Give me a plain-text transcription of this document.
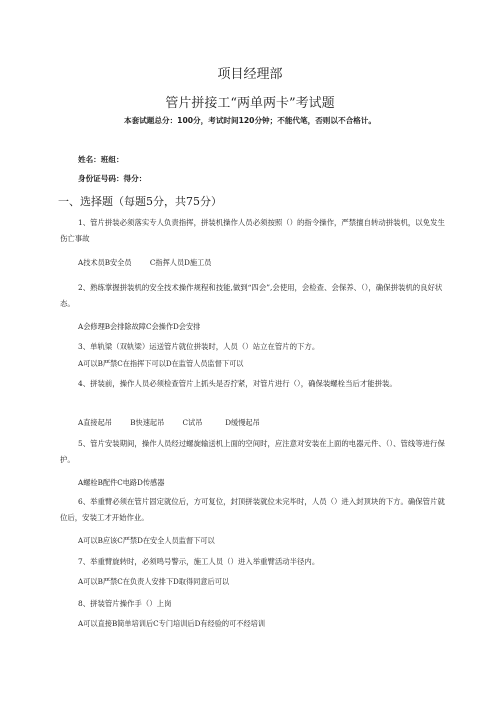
项目经理部
管片拼接工“两单两卡”考试题
本套试题总分：100分，考试时间120分钟；不能代笔，否则以不合格计。
姓名：班组：
身份证号码：得分：
一、选择题（每题5分，共75分）
1、管片拼装必须落实专人负责指挥，拼装机操作人员必须按照（）的指令操作，严禁擅自转动拼装机，以免发生伤亡事故
A技术员B安全员        C指挥人员D施工员
2、熟练掌握拼装机的安全技术操作规程和技能,做到“四会”,会使用，会检查、会保养、（），确保拼装机的良好状态。
A会修理B会排除故障C会操作D会安排
3、单轨梁（双轨梁）运送管片就位拼装时，人员（）站立在管片的下方。
A可以B严禁C在指挥下可以D在监管人员监督下可以
4、拼装前，操作人员必须检查管片上抓头是否拧紧，对管片进行（），确保装螺栓当后才能拼装。
A直接起吊        B快速起吊        C试吊          D缓慢起吊
5、管片安装期间，操作人员经过螺旋输送机上面的空间时，应注意对安装在上面的电器元件、（）、管线等进行保护。
A螺栓B配件C电路D传感器
6、举重臂必须在管片固定就位后，方可复位，封顶拼装就位未完毕时，人员（）进入封顶块的下方。确保管片就位后，安装工才开始作业。
A可以B应该C严禁D在安全人员监督下可以
7、举重臂旋转时，必须鸣号警示，施工人员（）进入举重臂活动半径内。
A可以B严禁C在负责人安排下D取得同意后可以
8、拼装管片操作手（）上岗
A可以直接B简单培训后C专门培训后D有经验的可不经培训
